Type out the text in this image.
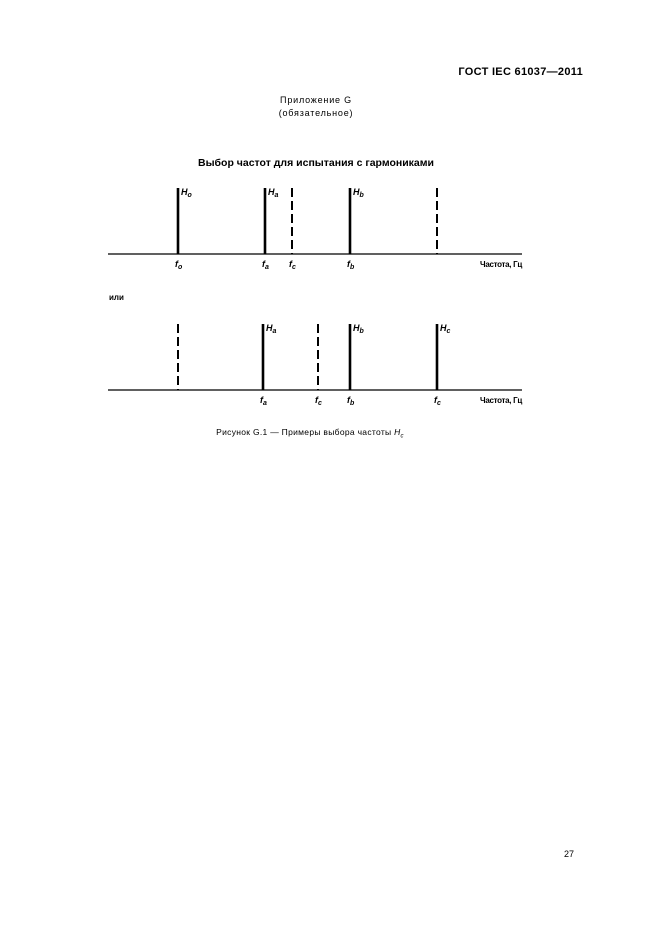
ГОСТ IEC 61037—2011
Приложение G
(обязательное)
Выбор частот для испытания с гармониками
Частота, Гц
$H_o$
$f_o$
$H_a$
$f_a$ $f_c$
$H_b$
$f_b$
или
Частота, Гц
$H_a$
$f_a$	$f_c$
$H_b$
$f_b$
$H_c$
$f_c$
Рисунок G.1 — Примеры выбора частоты $H_c$
27
